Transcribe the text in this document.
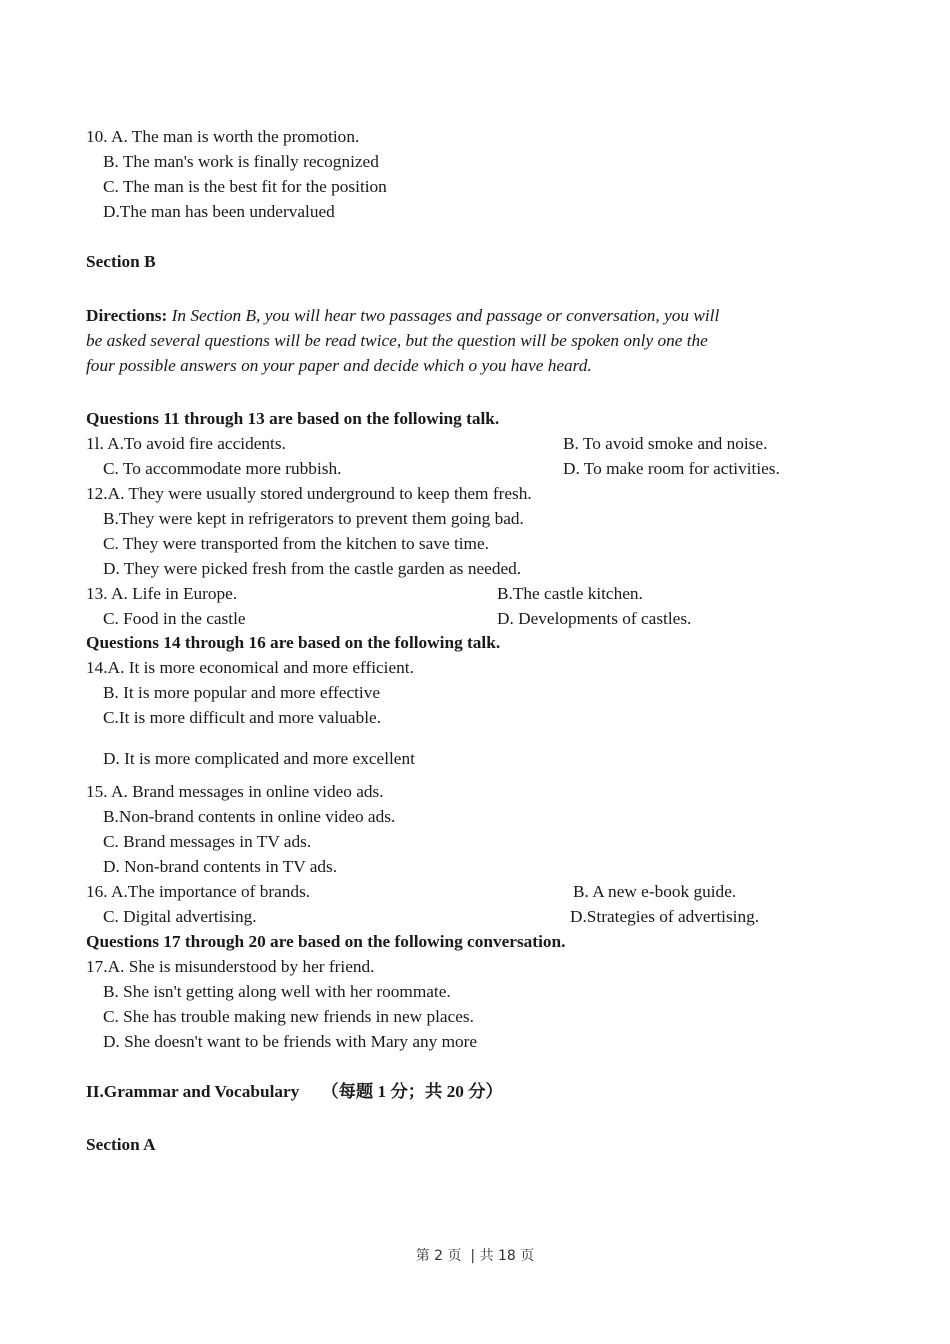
10. A. The man is worth the promotion.
B. The man's work is finally recognized
C. The man is the best fit for the position
D.The man has been undervalued
Section B
Directions: In Section B, you will hear two passages and passage or conversation, you will
be asked several questions will be read twice, but the question will be spoken only one the
four possible answers on your paper and decide which o you have heard.
Questions 11 through 13 are based on the following talk.
1l. A.To avoid fire accidents.	B. To avoid smoke and noise.
C. To accommodate more rubbish.	D. To make room for activities.
12.A. They were usually stored underground to keep them fresh.
B.They were kept in refrigerators to prevent them going bad.
C. They were transported from the kitchen to save time.
D. They were picked fresh from the castle garden as needed.
13. A. Life in Europe.	B.The castle kitchen.
C. Food in the castle	D. Developments of castles.
Questions 14 through 16 are based on the following talk.
14.A. It is more economical and more efficient.
B. It is more popular and more effective
C.It is more difficult and more valuable.
D. It is more complicated and more excellent
15. A. Brand messages in online video ads.
B.Non-brand contents in online video ads.
C. Brand messages in TV ads.
D. Non-brand contents in TV ads.
16. A.The importance of brands.	B. A new e-book guide.
C. Digital advertising.	D.Strategies of advertising.
Questions 17 through 20 are based on the following conversation.
17.A. She is misunderstood by her friend.
B. She isn't getting along well with her roommate.
C. She has trouble making new friends in new places.
D. She doesn't want to be friends with Mary any more
II.Grammar and Vocabulary （每题 1 分；共 20 分）
Section A
第 2 页  | 共 18 页
